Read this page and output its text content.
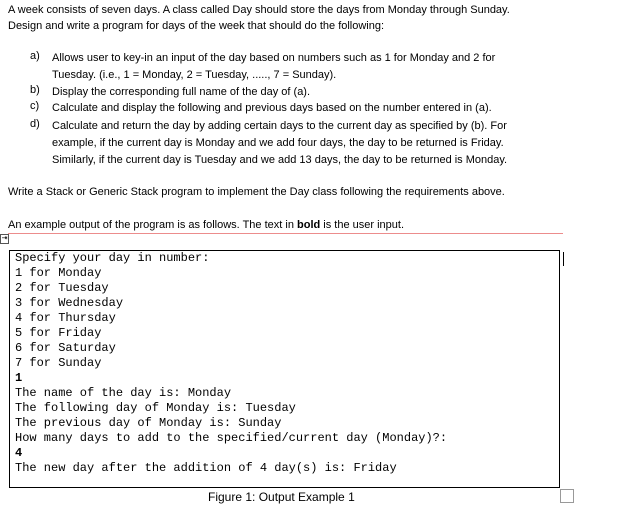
A week consists of seven days. A class called Day should store the days from Monday through Sunday.
Design and write a program for days of the week that should do the following:
a)	Allows user to key-in an input of the day based on numbers such as 1 for Monday and 2 for
Tuesday. (i.e., 1 = Monday, 2 = Tuesday, ....., 7 = Sunday).
b)	Display the corresponding full name of the day of (a).
c)	Calculate and display the following and previous days based on the number entered in (a).
d)	Calculate and return the day by adding certain days to the current day as specified by (b). For
example, if the current day is Monday and we add four days, the day to be returned is Friday.
Similarly, if the current day is Tuesday and we add 13 days, the day to be returned is Monday.
Write a Stack or Generic Stack program to implement the Day class following the requirements above.
An example output of the program is as follows. The text in bold is the user input.
⇥
Specify your day in number:
1 for Monday
2 for Tuesday
3 for Wednesday
4 for Thursday
5 for Friday
6 for Saturday
7 for Sunday
1
The name of the day is: Monday
The following day of Monday is: Tuesday
The previous day of Monday is: Sunday
How many days to add to the specified/current day (Monday)?:
4
The new day after the addition of 4 day(s) is: Friday
Figure 1: Output Example 1
